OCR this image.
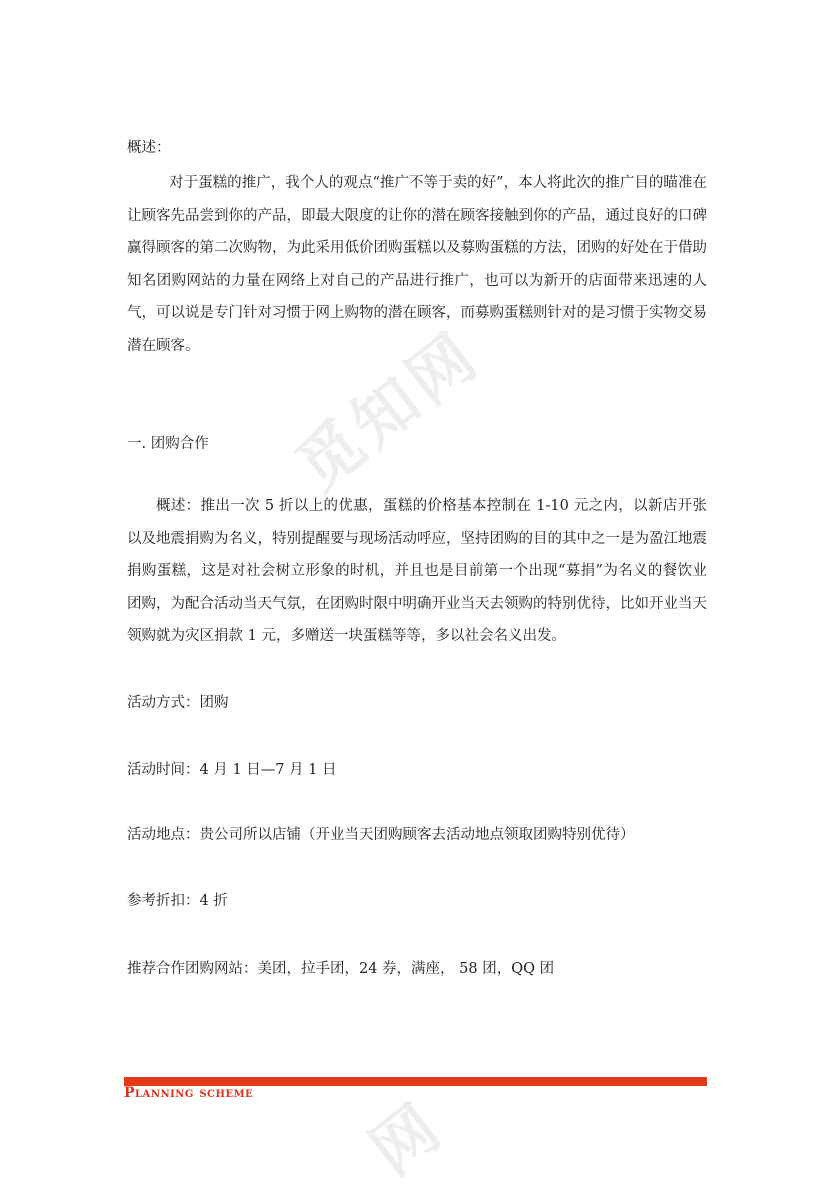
觅知网
网
概述：
对于蛋糕的推广，我个人的观点“推广不等于卖的好”，本人将此次的推广目的瞄准在让顾客先品尝到你的产品，即最大限度的让你的潜在顾客接触到你的产品，通过良好的口碑赢得顾客的第二次购物，为此采用低价团购蛋糕以及募购蛋糕的方法，团购的好处在于借助知名团购网站的力量在网络上对自己的产品进行推广，也可以为新开的店面带来迅速的人气，可以说是专门针对习惯于网上购物的潜在顾客，而募购蛋糕则针对的是习惯于实物交易潜在顾客。
一. 团购合作
概述：推出一次 5 折以上的优惠，蛋糕的价格基本控制在 1-10 元之内，以新店开张以及地震捐购为名义，特别提醒要与现场活动呼应，坚持团购的目的其中之一是为盈江地震捐购蛋糕，这是对社会树立形象的时机，并且也是目前第一个出现“募捐”为名义的餐饮业团购，为配合活动当天气氛，在团购时限中明确开业当天去领购的特别优待，比如开业当天领购就为灾区捐款 1 元，多赠送一块蛋糕等等，多以社会名义出发。
活动方式：团购
活动时间：4 月 1 日—7 月 1 日
活动地点：贵公司所以店铺（开业当天团购顾客去活动地点领取团购特别优待）
参考折扣：4 折
推荐合作团购网站：美团，拉手团，24 券，满座， 58 团，QQ 团
Planning scheme
